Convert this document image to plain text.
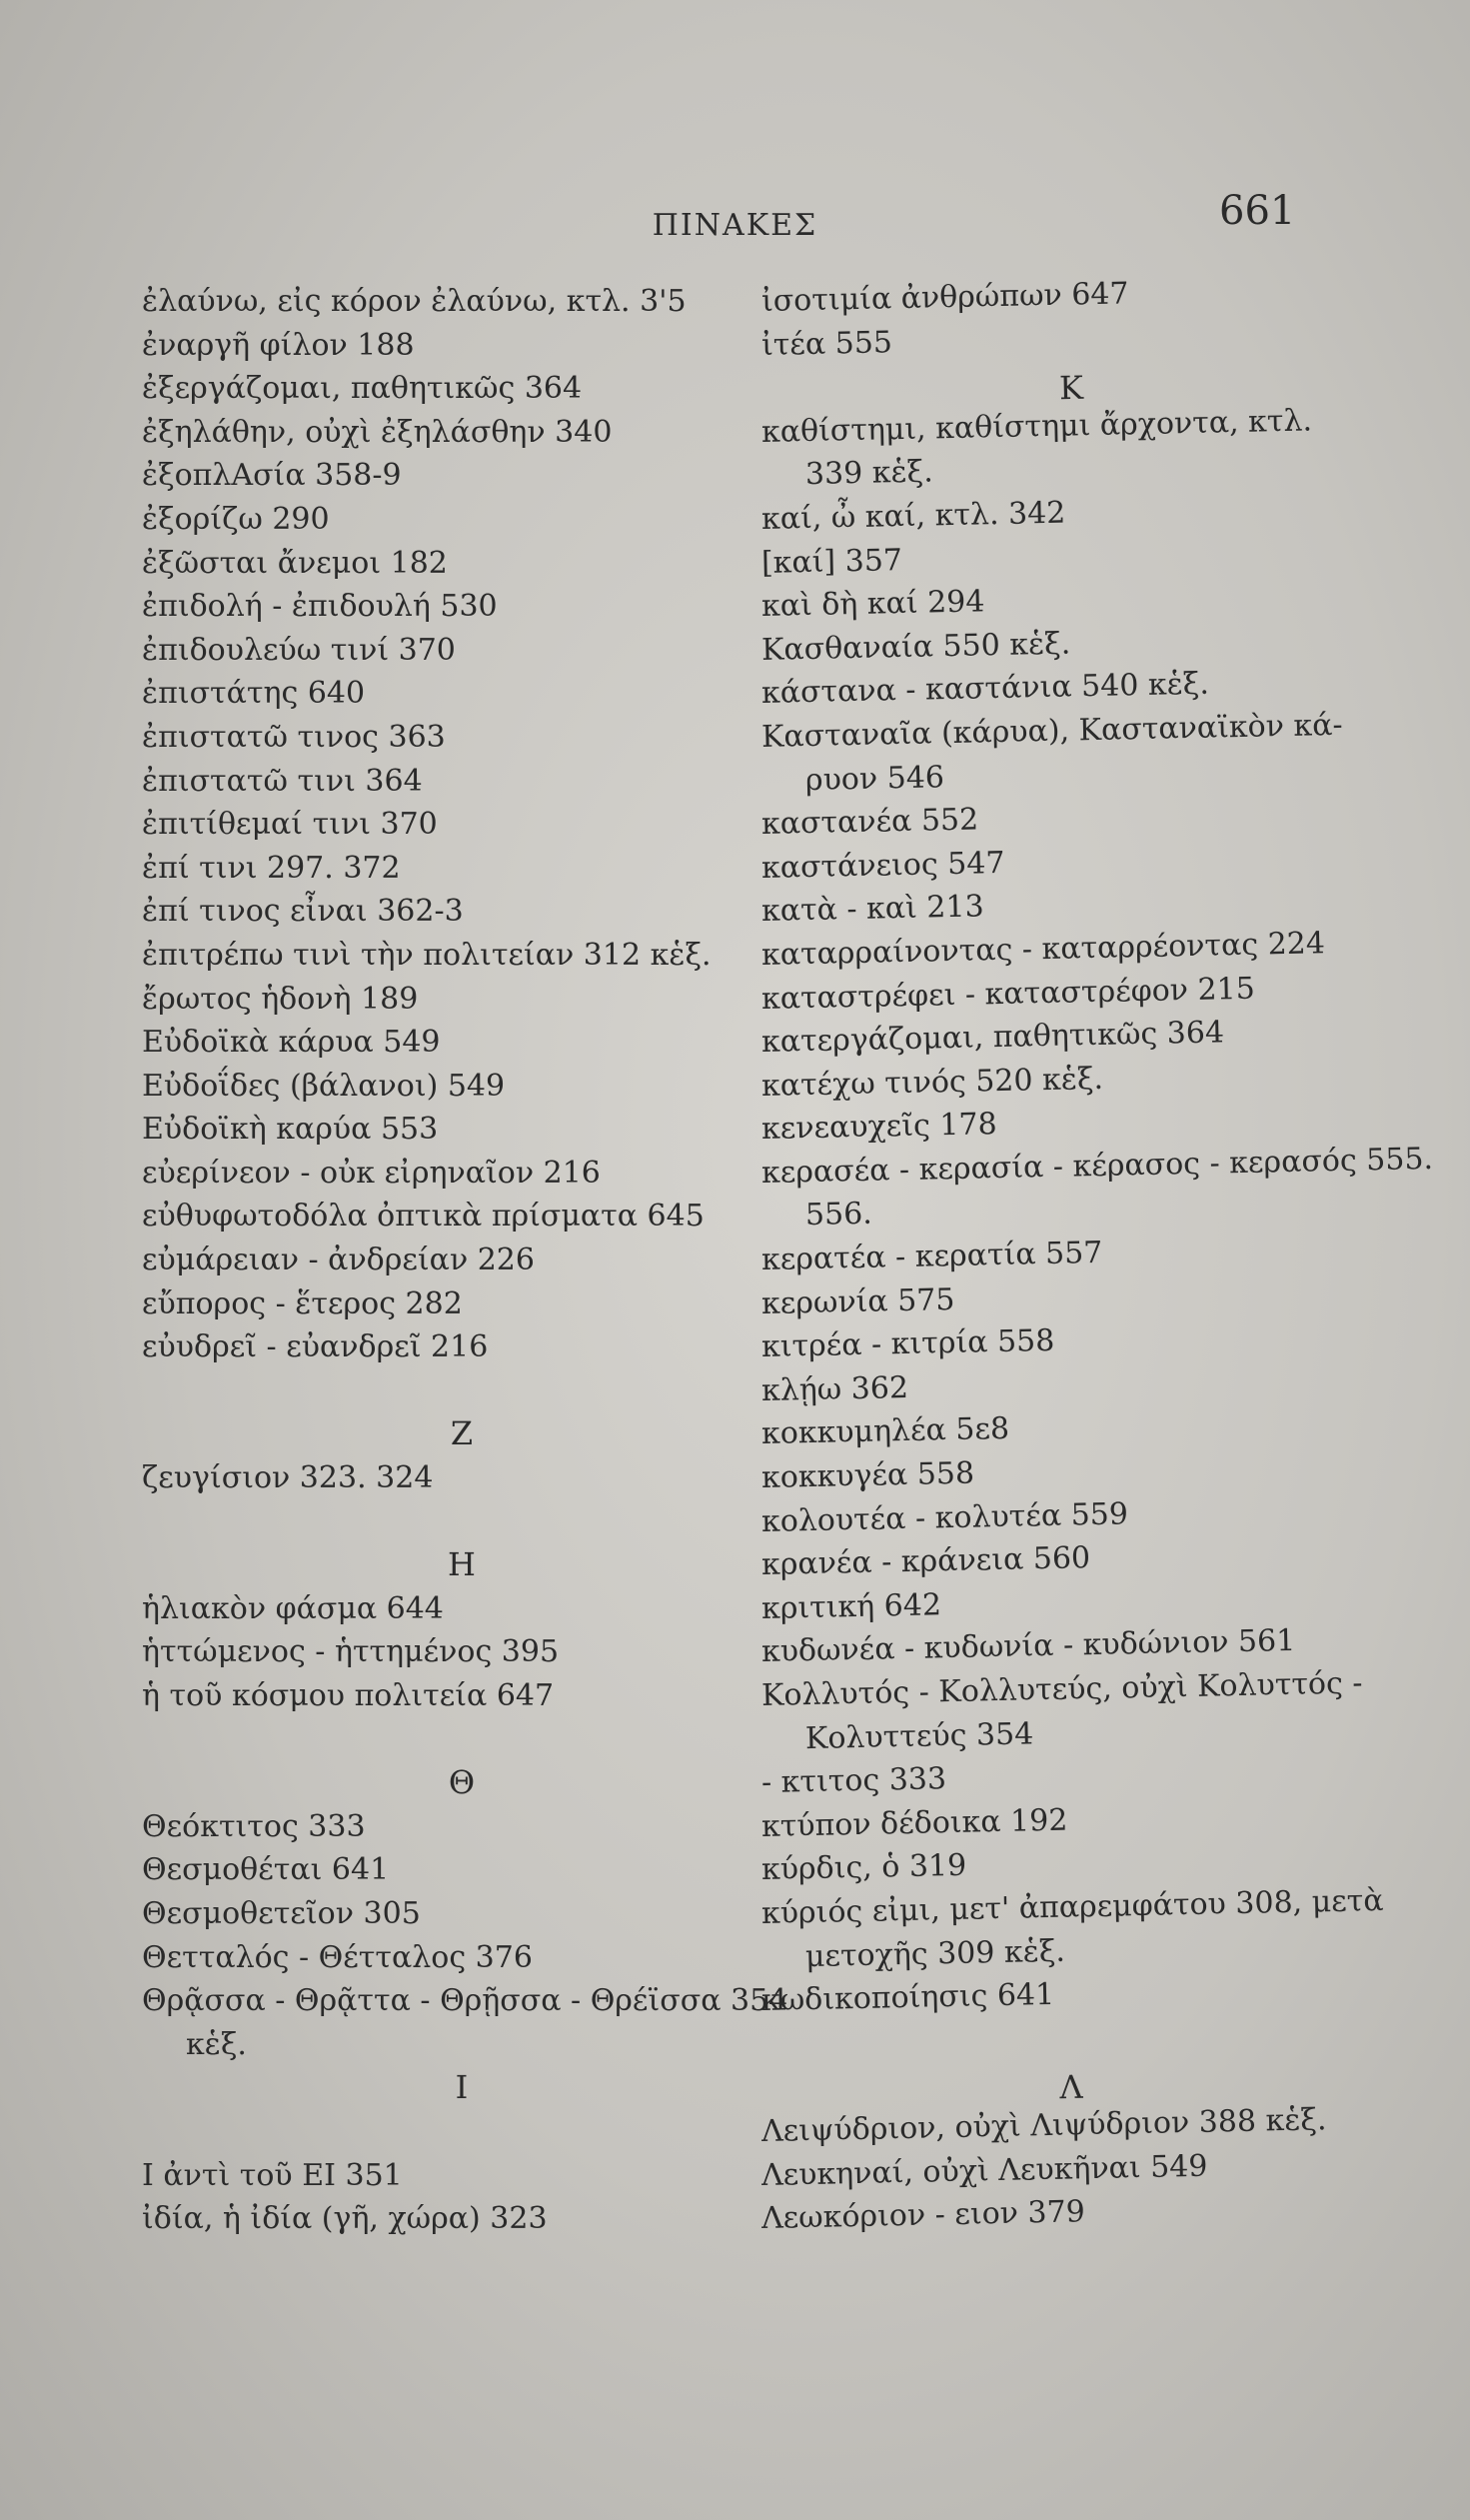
ΠΙΝΑΚΕΣ	661
ἐλαύνω, εἰς κόρον ἐλαύνω, κτλ. 3'5
ἐναργῆ φίλον 188
ἐξεργάζομαι, παθητικῶς 364
ἐξηλάθην, οὐχὶ ἐξηλάσθην 340
ἐξοπλΑσία 358-9
ἐξορίζω 290
ἐξῶσται ἄνεμοι 182
ἐπιδολή - ἐπιδουλή 530
ἐπιδουλεύω τινί 370
ἐπιστάτης 640
ἐπιστατῶ τινος 363
ἐπιστατῶ τινι 364
ἐπιτίθεμαί τινι 370
ἐπί τινι 297. 372
ἐπί τινος εἶναι 362-3
ἐπιτρέπω τινὶ τὴν πολιτείαν 312 κἑξ.
ἔρωτος ἡδονὴ 189
Εὐδοϊκὰ κάρυα 549
Εὐδοΐδες (βάλανοι) 549
Εὐδοϊκὴ καρύα 553
εὐερίνεον - οὐκ εἰρηναῖον 216
εὐθυφωτοδόλα ὀπτικὰ πρίσματα 645
εὐμάρειαν - ἀνδρείαν 226
εὔπορος - ἕτερος 282
εὐυδρεῖ - εὐανδρεῖ 216

Ζ
ζευγίσιον 323. 324

Η
ἡλιακὸν φάσμα 644
ἡττώμενος - ἡττημένος 395
ἡ τοῦ κόσμου πολιτεία 647

Θ
Θεόκτιτος 333
Θεσμοθέται 641
Θεσμοθετεῖον 305
Θετταλός - Θέτταλος 376
Θρᾷσσα - Θρᾷττα - Θρῇσσα - Θρέϊσσα 354
κἑξ.
Ι

Ι ἀντὶ τοῦ ΕΙ 351
ἰδία, ἡ ἰδία (γῆ, χώρα) 323
ἰσοτιμία ἀνθρώπων 647
ἰτέα 555
Κ
καθίστημι, καθίστημι ἄρχοντα, κτλ.
339 κἑξ.
καί, ὦ καί, κτλ. 342
[καί] 357
καὶ δὴ καί 294
Κασθαναία 550 κἑξ.
κάστανα - καστάνια 540 κἑξ.
Κασταναῖα (κάρυα), Κασταναϊκὸν κά-
ρυον 546
καστανέα 552
καστάνειος 547
κατὰ - καὶ 213
καταρραίνοντας - καταρρέοντας 224
καταστρέφει - καταστρέφον 215
κατεργάζομαι, παθητικῶς 364
κατέχω τινός 520 κἑξ.
κενεαυχεῖς 178
κερασέα - κερασία - κέρασος - κερασός 555.
556.
κερατέα - κερατία 557
κερωνία 575
κιτρέα - κιτρία 558
κλῄω 362
κοκκυμηλέα 5ε8
κοκκυγέα 558
κολουτέα - κολυτέα 559
κρανέα - κράνεια 560
κριτική 642
κυδωνέα - κυδωνία - κυδώνιον 561
Κολλυτός - Κολλυτεύς, οὐχὶ Κολυττός -
Κολυττεύς 354
- κτιτος 333
κτύπον δέδοικα 192
κύρδις, ὁ 319
κύριός εἰμι, μετ' ἀπαρεμφάτου 308, μετὰ
μετοχῆς 309 κἑξ.
κωδικοποίησις 641

Λ
Λειψύδριον, οὐχὶ Λιψύδριον 388 κἑξ.
Λευκηναί, οὐχὶ Λευκῆναι 549
Λεωκόριον - ειον 379
